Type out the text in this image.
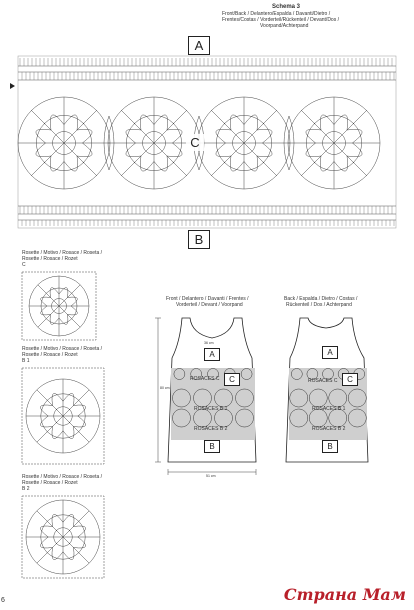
Schema 3
Front/Back / Delantero/Espalda / Davanti/Dietro /
Frentes/Costas / Vorderteil/Rückenteil / Devant/Dos /
Voorpand/Achterpand
A
C
B
Rosette / Motivo / Rosace / Roseta /
Rosette / Rosace / Rozet
C
Rosette / Motivo / Rosace / Roseta /
Rosette / Rosace / Rozet
B 1
Rosette / Motivo / Rosace / Roseta /
Rosette / Rosace / Rozet
B 2
Front / Delantero / Davanti / Frentes /
Vorderteil / Devant / Voorpand
36 cm
80 cm
51 cm
A
C
B
ROSACES C
ROSACES B 1
ROSACES B 2
Back / Espalda / Dietro / Costas /
Rückenteil / Dos / Achterpand
A
C
B
ROSACES C
ROSACES B 1
ROSACES B 2
6	Страна Мам
